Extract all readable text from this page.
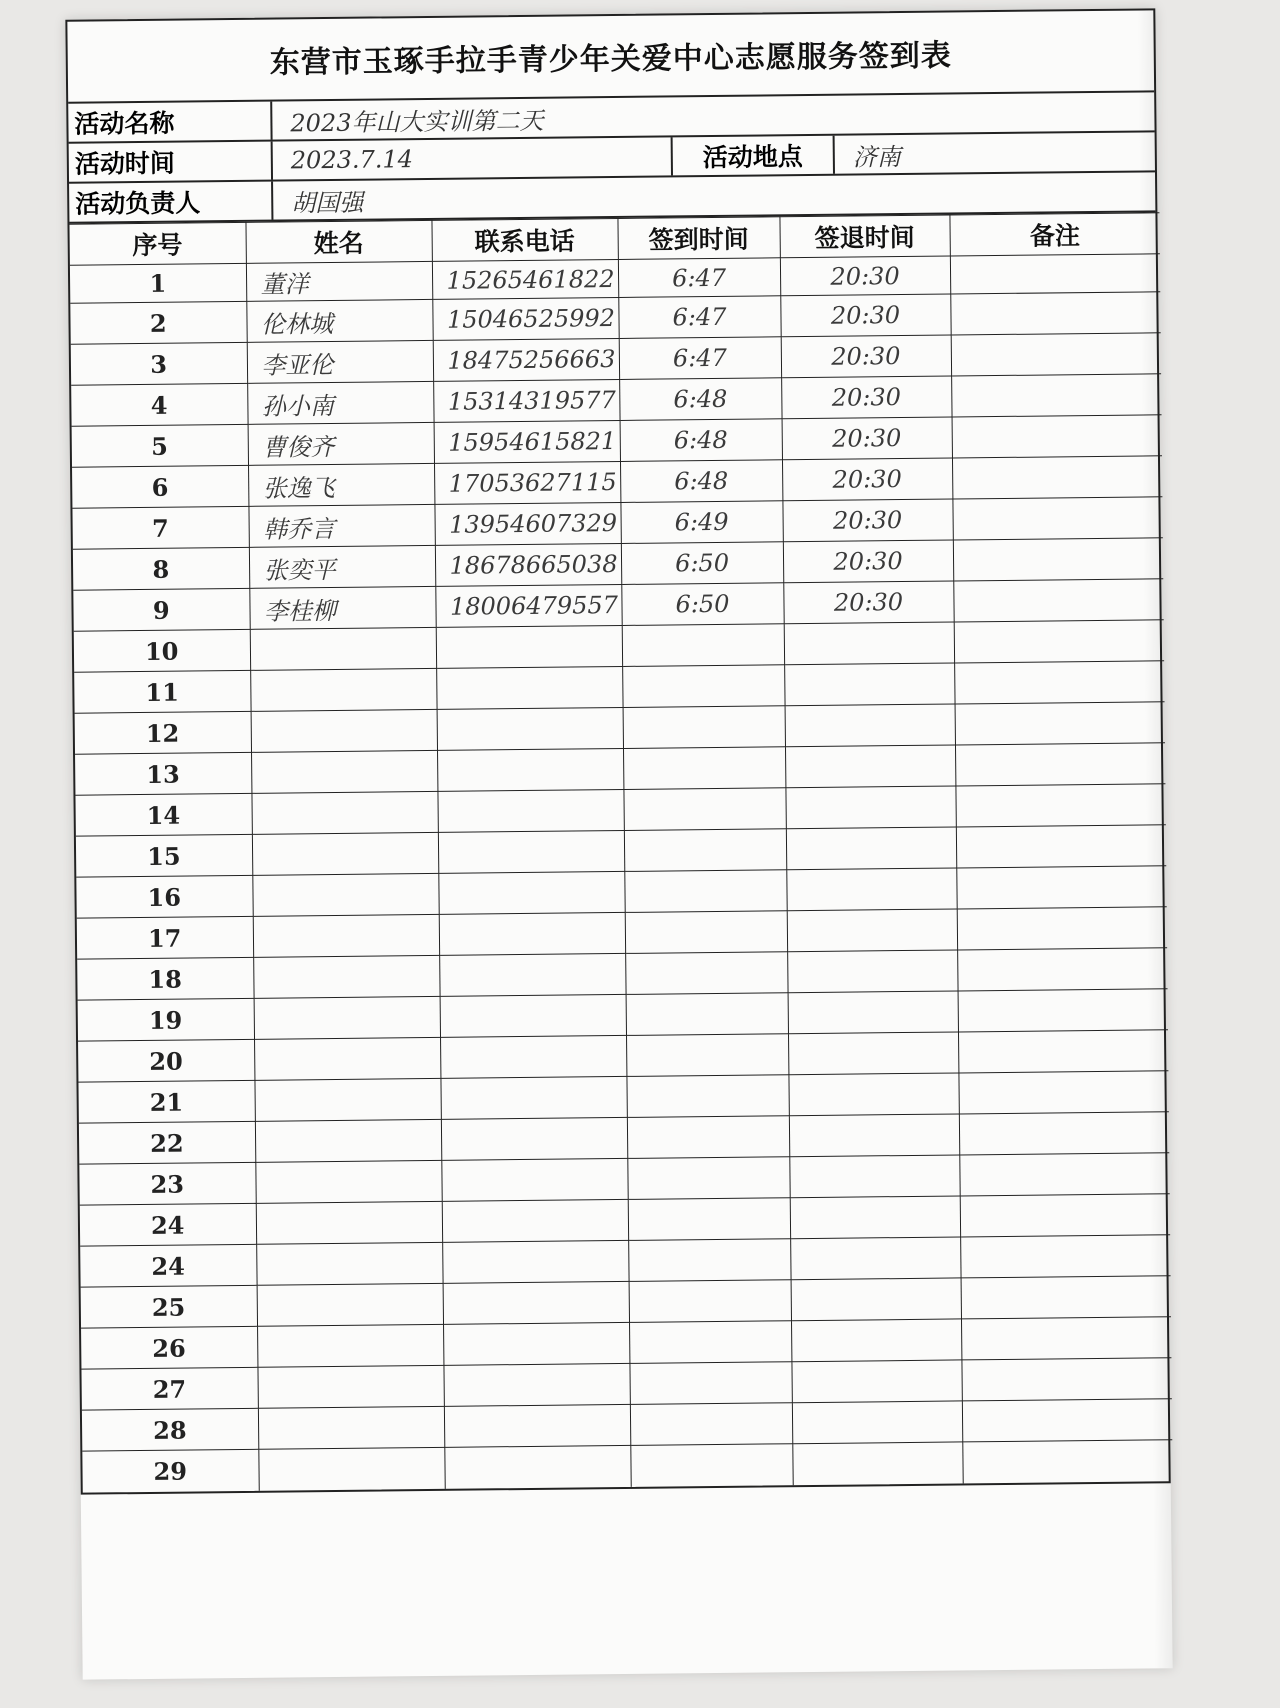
东营市玉琢手拉手青少年关爱中心志愿服务签到表
活动名称	2023年山大实训第二天
活动时间	2023.7.14	活动地点	济南
活动负责人	胡国强
序号	姓名	联系电话	签到时间	签退时间	备注
1	董洋	15265461822	6:47	20:30	
2	伦林城	15046525992	6:47	20:30	
3	李亚伦	18475256663	6:47	20:30	
4	孙小南	15314319577	6:48	20:30	
5	曹俊齐	15954615821	6:48	20:30	
6	张逸飞	17053627115	6:48	20:30	
7	韩乔言	13954607329	6:49	20:30	
8	张奕平	18678665038	6:50	20:30	
9	李桂柳	18006479557	6:50	20:30	
10					
11					
12					
13					
14					
15					
16					
17					
18					
19					
20					
21					
22					
23					
24					
24					
25					
26					
27					
28					
29					
